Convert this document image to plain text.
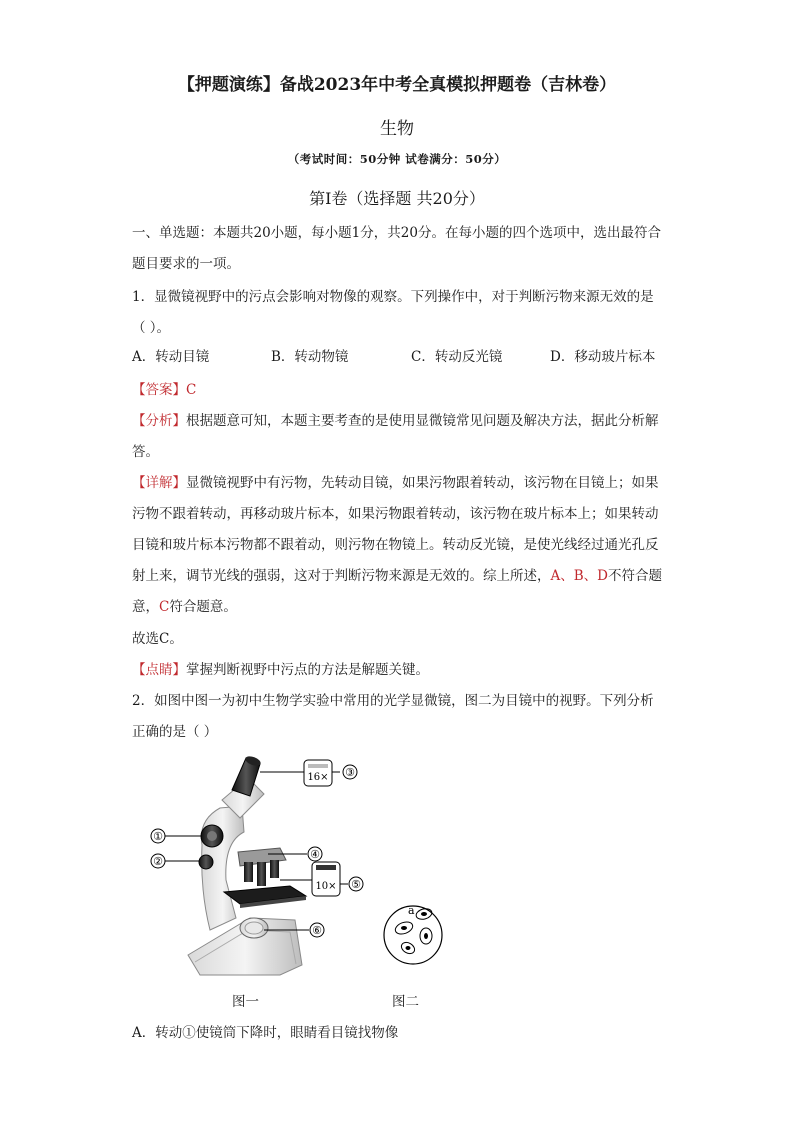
【押题演练】备战2023年中考全真模拟押题卷（吉林卷）
生物
（考试时间：50分钟 试卷满分：50分）
第Ⅰ卷（选择题 共20分）

一、单选题：本题共20小题，每小题1分，共20分。在每小题的四个选项中，选出最符合题目要求的一项。

1．显微镜视野中的污点会影响对物像的观察。下列操作中，对于判断污物来源无效的是（ ）。

A．转动目镜	B．转动物镜	C．转动反光镜	D．移动玻片标本

【答案】C

【分析】根据题意可知，本题主要考查的是使用显微镜常见问题及解决方法，据此分析解答。

【详解】显微镜视野中有污物，先转动目镜，如果污物跟着转动，该污物在目镜上；如果污物不跟着转动，再移动玻片标本，如果污物跟着转动，该污物在玻片标本上；如果转动目镜和玻片标本污物都不跟着动，则污物在物镜上。转动反光镜，是使光线经过通光孔反射上来，调节光线的强弱，这对于判断污物来源是无效的。综上所述，A、B、D不符合题意，C符合题意。

故选C。

【点睛】掌握判断视野中污点的方法是解题关键。

2．如图中图一为初中生物学实验中常用的光学显微镜，图二为目镜中的视野。下列分析正确的是（ ）

16× ③
10× ⑤
①
②
④
⑥
a
图一	图二

A．转动①使镜筒下降时，眼睛看目镜找物像
